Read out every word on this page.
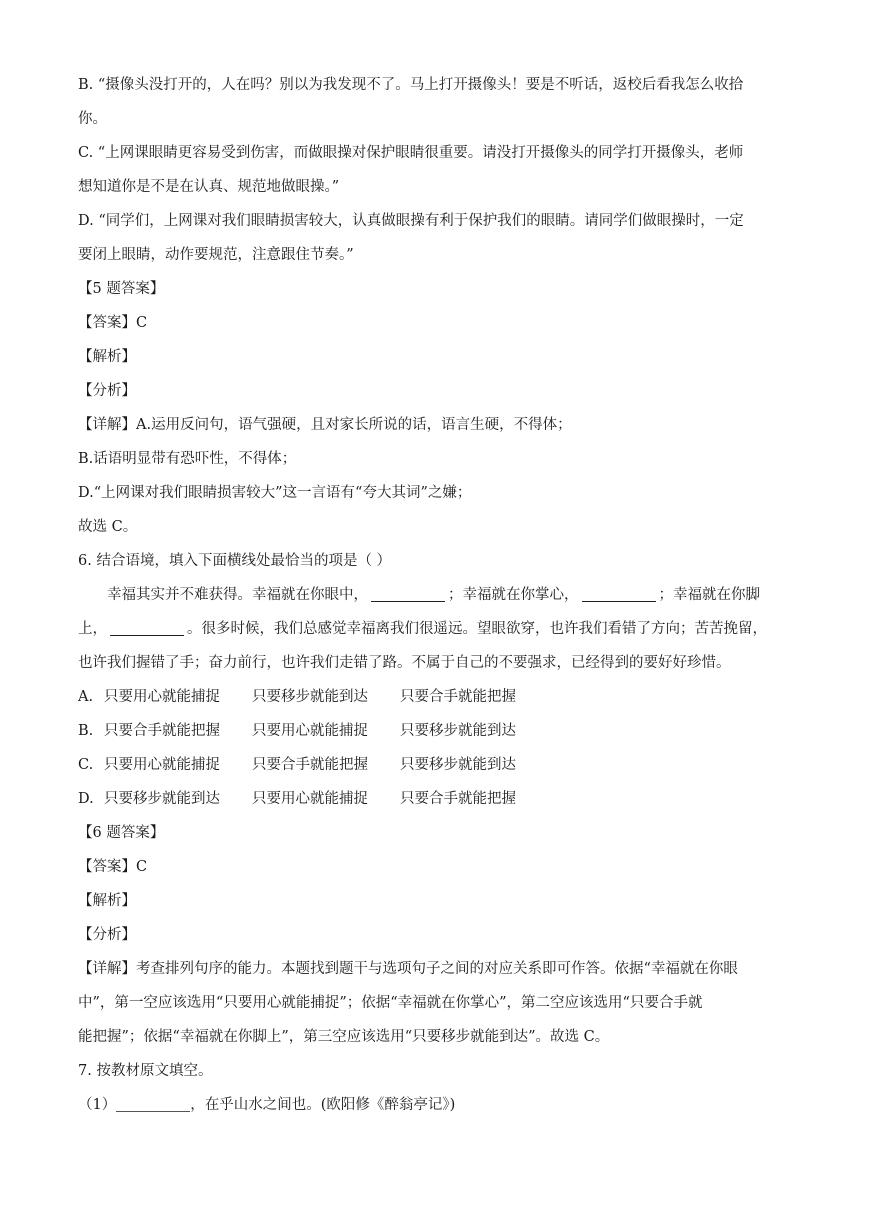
B. “摄像头没打开的，人在吗？别以为我发现不了。马上打开摄像头！要是不听话，返校后看我怎么收拾

你。

C. “上网课眼睛更容易受到伤害，而做眼操对保护眼睛很重要。请没打开摄像头的同学打开摄像头，老师

想知道你是不是在认真、规范地做眼操。”

D. “同学们，上网课对我们眼睛损害较大，认真做眼操有利于保护我们的眼睛。请同学们做眼操时，一定

要闭上眼睛，动作要规范，注意跟住节奏。”

【5 题答案】

【答案】C

【解析】

【分析】

【详解】A.运用反问句，语气强硬，且对家长所说的话，语言生硬，不得体；

B.话语明显带有恐吓性，不得体；

D.“上网课对我们眼睛损害较大”这一言语有“夸大其词”之嫌；

故选 C。

6. 结合语境，填入下面横线处最恰当的项是（ ）

幸福其实并不难获得。幸福就在你眼中，	；幸福就在你掌心，	；幸福就在你脚

上，	。很多时候，我们总感觉幸福离我们很遥远。望眼欲穿，也许我们看错了方向；苦苦挽留，

也许我们握错了手；奋力前行，也许我们走错了路。不属于自己的不要强求，已经得到的要好好珍惜。

A. 只要用心就能捕捉 只要移步就能到达 只要合手就能把握
B. 只要合手就能把握 只要用心就能捕捉 只要移步就能到达
C. 只要用心就能捕捉 只要合手就能把握 只要移步就能到达
D. 只要移步就能到达 只要用心就能捕捉 只要合手就能把握

【6 题答案】

【答案】C

【解析】

【分析】

【详解】考查排列句序的能力。本题找到题干与选项句子之间的对应关系即可作答。依据“幸福就在你眼

中”，第一空应该选用“只要用心就能捕捉”；依据“幸福就在你掌心”，第二空应该选用“只要合手就

能把握”；依据“幸福就在你脚上”，第三空应该选用“只要移步就能到达”。故选 C。

7. 按教材原文填空。

（1）	，在乎山水之间也。(欧阳修《醉翁亭记》)
